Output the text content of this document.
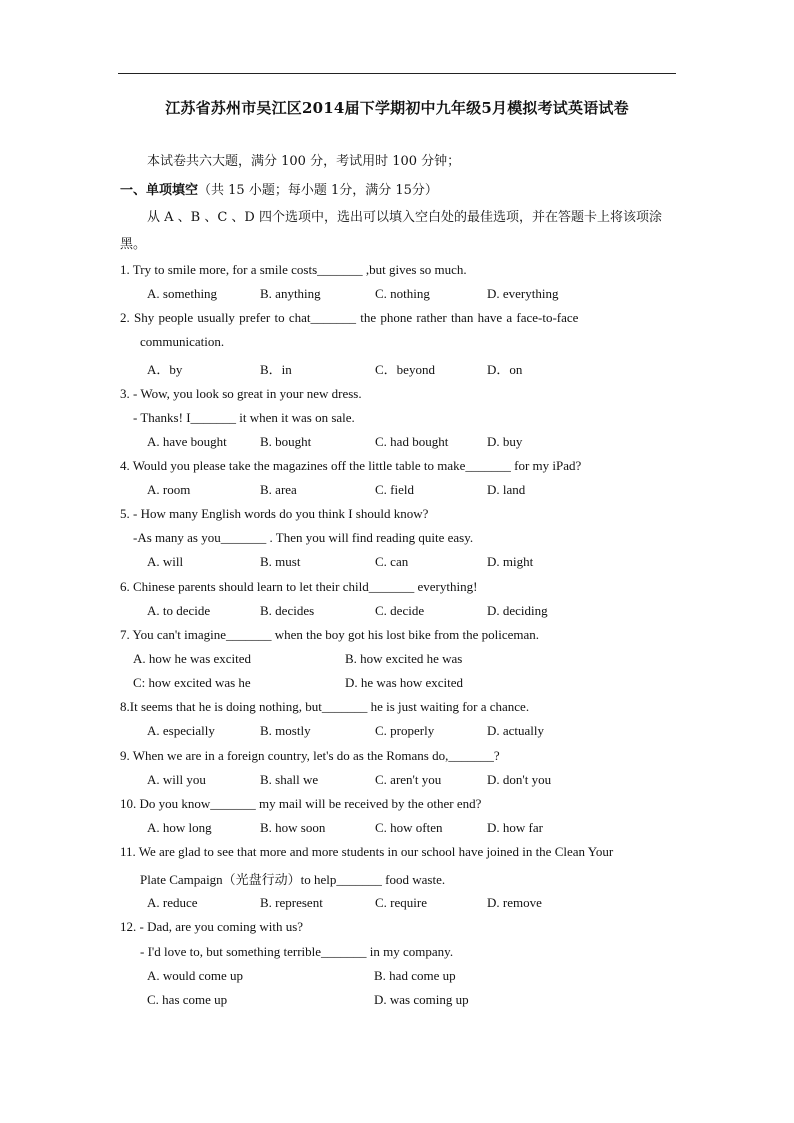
江苏省苏州市吴江区2014届下学期初中九年级5月模拟考试英语试卷
本试卷共六大题，满分 100 分，考试用时 100 分钟；
一、单项填空（共 15 小题；每小题 1分，满分 15分）
从 A 、B 、C 、D 四个选项中，选出可以填入空白处的最佳选项，并在答题卡上将该项涂黑。
1. Try to smile more, for a smile costs_______ ,but gives so much.
A. something	B. anything	C. nothing	D. everything
2. Shy people usually prefer to chat_______ the phone rather than have a face-to-face
communication.
A．by	B．in	C．beyond	D．on
3. - Wow, you look so great in your new dress.
- Thanks! I_______ it when it was on sale.
A. have bought	B. bought	C. had bought	D. buy
4. Would you please take the magazines off the little table to make_______ for my iPad?
A. room	B. area	C. field	D. land
5. - How many English words do you think I should know?
-As many as you_______ . Then you will find reading quite easy.
A. will	B. must	C. can	D. might
6. Chinese parents should learn to let their child_______ everything!
A. to decide	B. decides	C. decide	D. deciding
7. You can't imagine_______ when the boy got his lost bike from the policeman.
A. how he was excited	B. how excited he was
C: how excited was he	D. he was how excited
8.It seems that he is doing nothing, but_______ he is just waiting for a chance.
A. especially	B. mostly	C. properly	D. actually
9. When we are in a foreign country, let's do as the Romans do,_______?
A. will you	B. shall we	C. aren't you	D. don't you
10. Do you know_______ my mail will be received by the other end?
A. how long	B. how soon	C. how often	D. how far
11. We are glad to see that more and more students in our school have joined in the Clean Your
Plate Campaign（光盘行动）to help_______ food waste.
A. reduce	B. represent	C. require	D. remove
12. - Dad, are you coming with us?
- I'd love to, but something terrible_______ in my company.
A. would come up	B. had come up
C. has come up	D. was coming up
